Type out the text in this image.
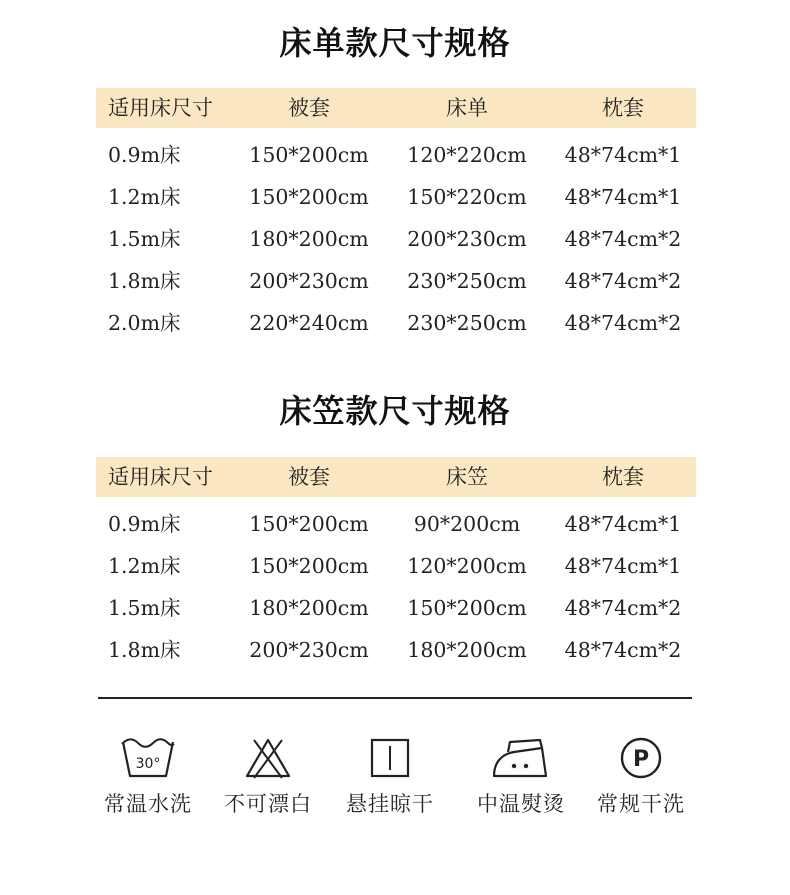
床单款尺寸规格
适用床尺寸	被套	床单	枕套
0.9m床	150*200cm	120*220cm	48*74cm*1
1.2m床	150*200cm	150*220cm	48*74cm*1
1.5m床	180*200cm	200*230cm	48*74cm*2
1.8m床	200*230cm	230*250cm	48*74cm*2
2.0m床	220*240cm	230*250cm	48*74cm*2
床笠款尺寸规格
适用床尺寸	被套	床笠	枕套
0.9m床	150*200cm	90*200cm	48*74cm*1
1.2m床	150*200cm	120*200cm	48*74cm*1
1.5m床	180*200cm	150*200cm	48*74cm*2
1.8m床	200*230cm	180*200cm	48*74cm*2
30°
常温水洗	不可漂白	悬挂晾干	中温熨烫
P
常规干洗
